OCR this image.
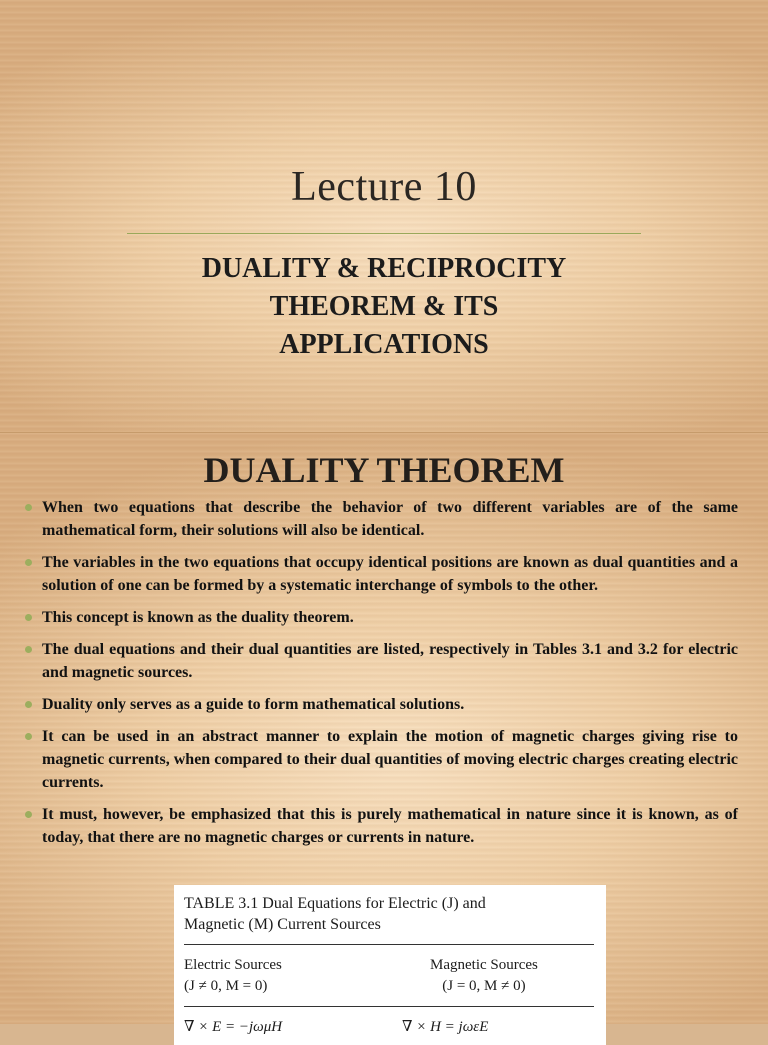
Lecture 10
DUALITY & RECIPROCITY
THEOREM & ITS
APPLICATIONS
DUALITY THEOREM
When two equations that describe the behavior of two different variables are of the same mathematical form, their solutions will also be identical.
The variables in the two equations that occupy identical positions are known as dual quantities and a solution of one can be formed by a systematic interchange of symbols to the other.
This concept is known as the duality theorem.
The dual equations and their dual quantities are listed, respectively in Tables 3.1 and 3.2 for electric and magnetic sources.
Duality only serves as a guide to form mathematical solutions.
It can be used in an abstract manner to explain the motion of magnetic charges giving rise to magnetic currents, when compared to their dual quantities of moving electric charges creating electric currents.
It must, however, be emphasized that this is purely mathematical in nature since it is known, as of today, that there are no magnetic charges or currents in nature.
TABLE 3.1 Dual Equations for Electric (J) and
Magnetic (M) Current Sources
Electric Sources
(J ≠ 0, M = 0)
Magnetic Sources
(J = 0, M ≠ 0)
∇ × E = −jωμH	∇ × H = jωεE
